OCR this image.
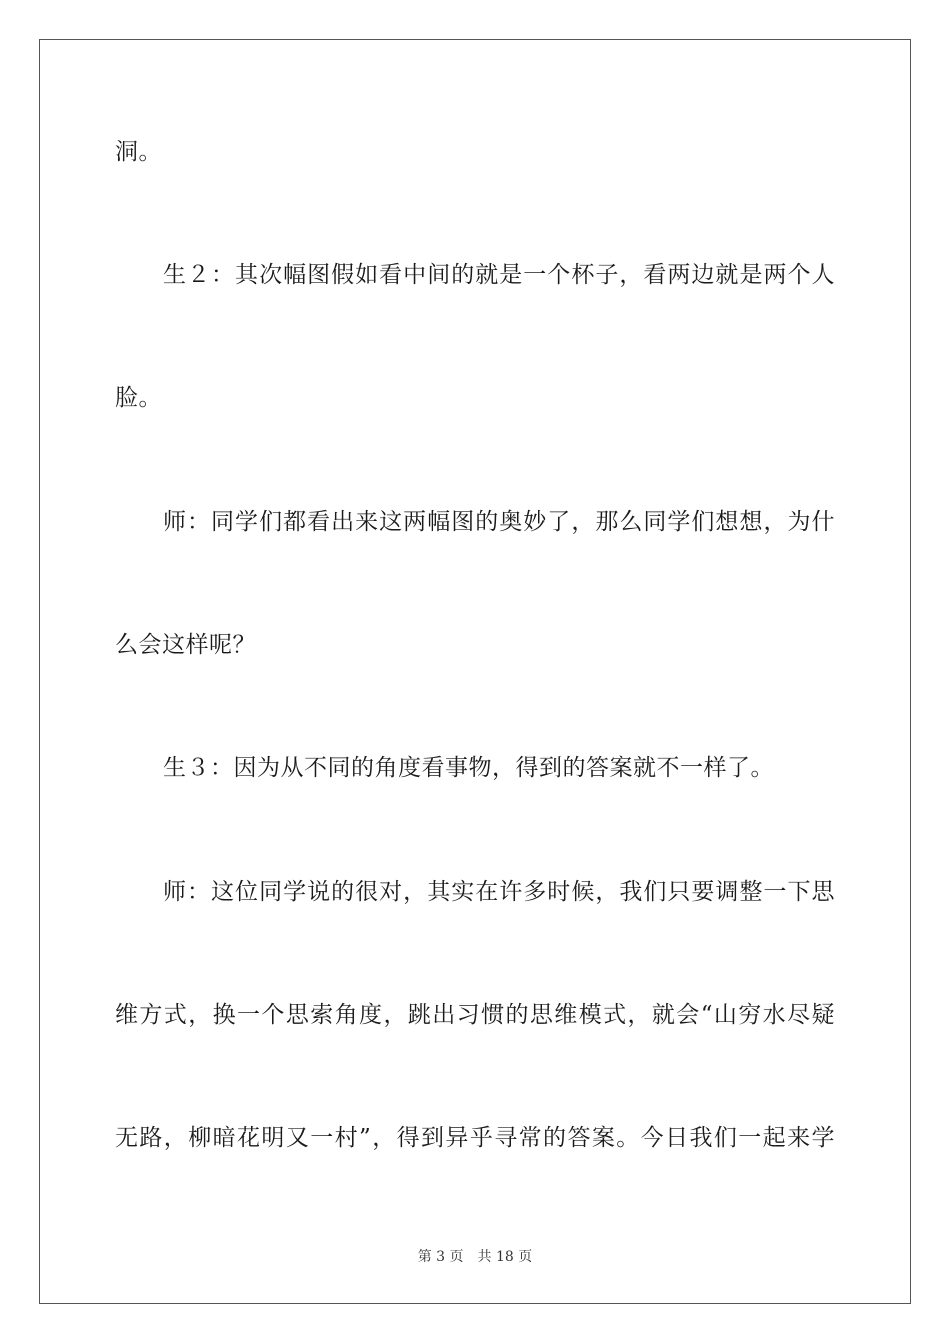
洞。
生２：其次幅图假如看中间的就是一个杯子，看两边就是两个人
脸。
师：同学们都看出来这两幅图的奥妙了，那么同学们想想，为什
么会这样呢？
生３：因为从不同的角度看事物，得到的答案就不一样了。
师：这位同学说的很对，其实在许多时候，我们只要调整一下思
维方式，换一个思索角度，跳出习惯的思维模式，就会“山穷水尽疑
无路，柳暗花明又一村”，得到异乎寻常的答案。今日我们一起来学
第 3 页 共 18 页
